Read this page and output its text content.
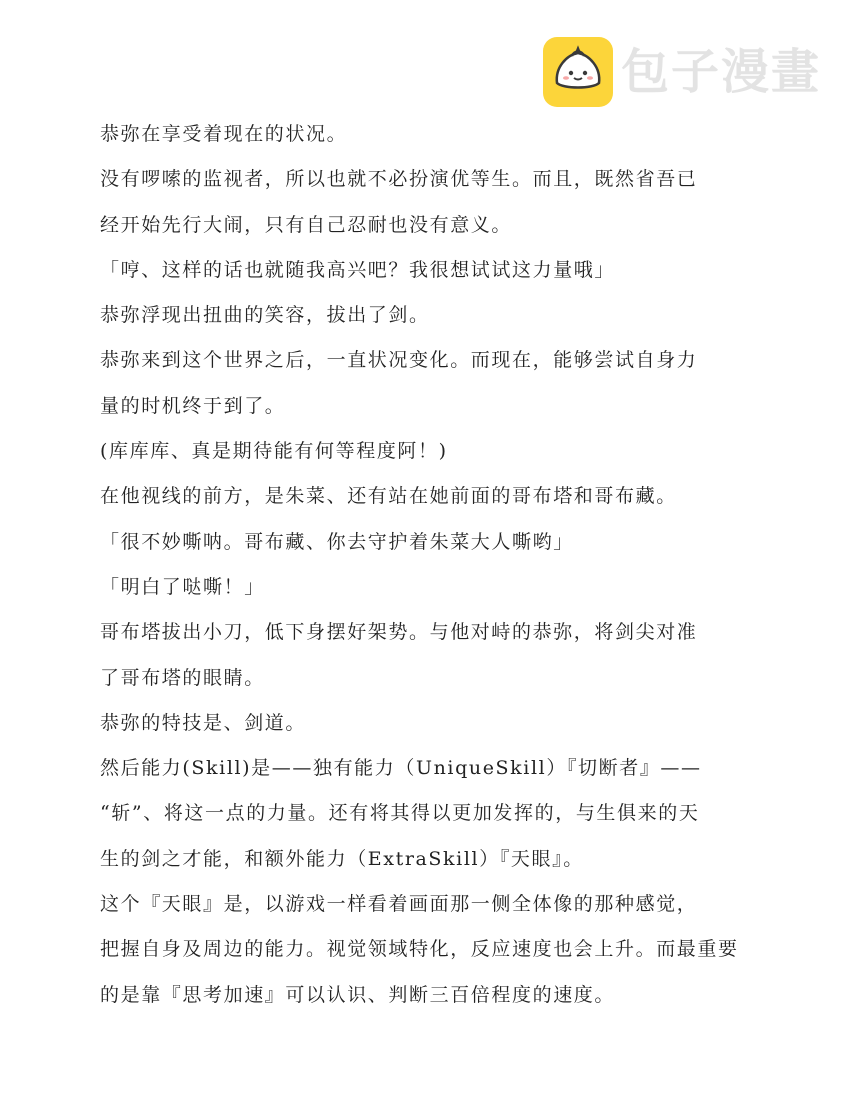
包子漫畫
恭弥在享受着现在的状况。
没有啰嗦的监视者，所以也就不必扮演优等生。而且，既然省吾已
经开始先行大闹，只有自己忍耐也没有意义。
「哼、这样的话也就随我高兴吧？我很想试试这力量哦」
恭弥浮现出扭曲的笑容，拔出了剑。
恭弥来到这个世界之后，一直状况变化。而现在，能够尝试自身力
量的时机终于到了。
(库库库、真是期待能有何等程度阿！)
在他视线的前方，是朱菜、还有站在她前面的哥布塔和哥布藏。
「很不妙嘶呐。哥布藏、你去守护着朱菜大人嘶哟」
「明白了哒嘶！」
哥布塔拔出小刀，低下身摆好架势。与他对峙的恭弥，将剑尖对准
了哥布塔的眼睛。
恭弥的特技是、剑道。
然后能力(Skill)是——独有能力（UniqueSkill）『切断者』——
“斩”、将这一点的力量。还有将其得以更加发挥的，与生俱来的天
生的剑之才能，和额外能力（ExtraSkill）『天眼』。
这个『天眼』是，以游戏一样看着画面那一侧全体像的那种感觉，
把握自身及周边的能力。视觉领域特化，反应速度也会上升。而最重要
的是靠『思考加速』可以认识、判断三百倍程度的速度。
